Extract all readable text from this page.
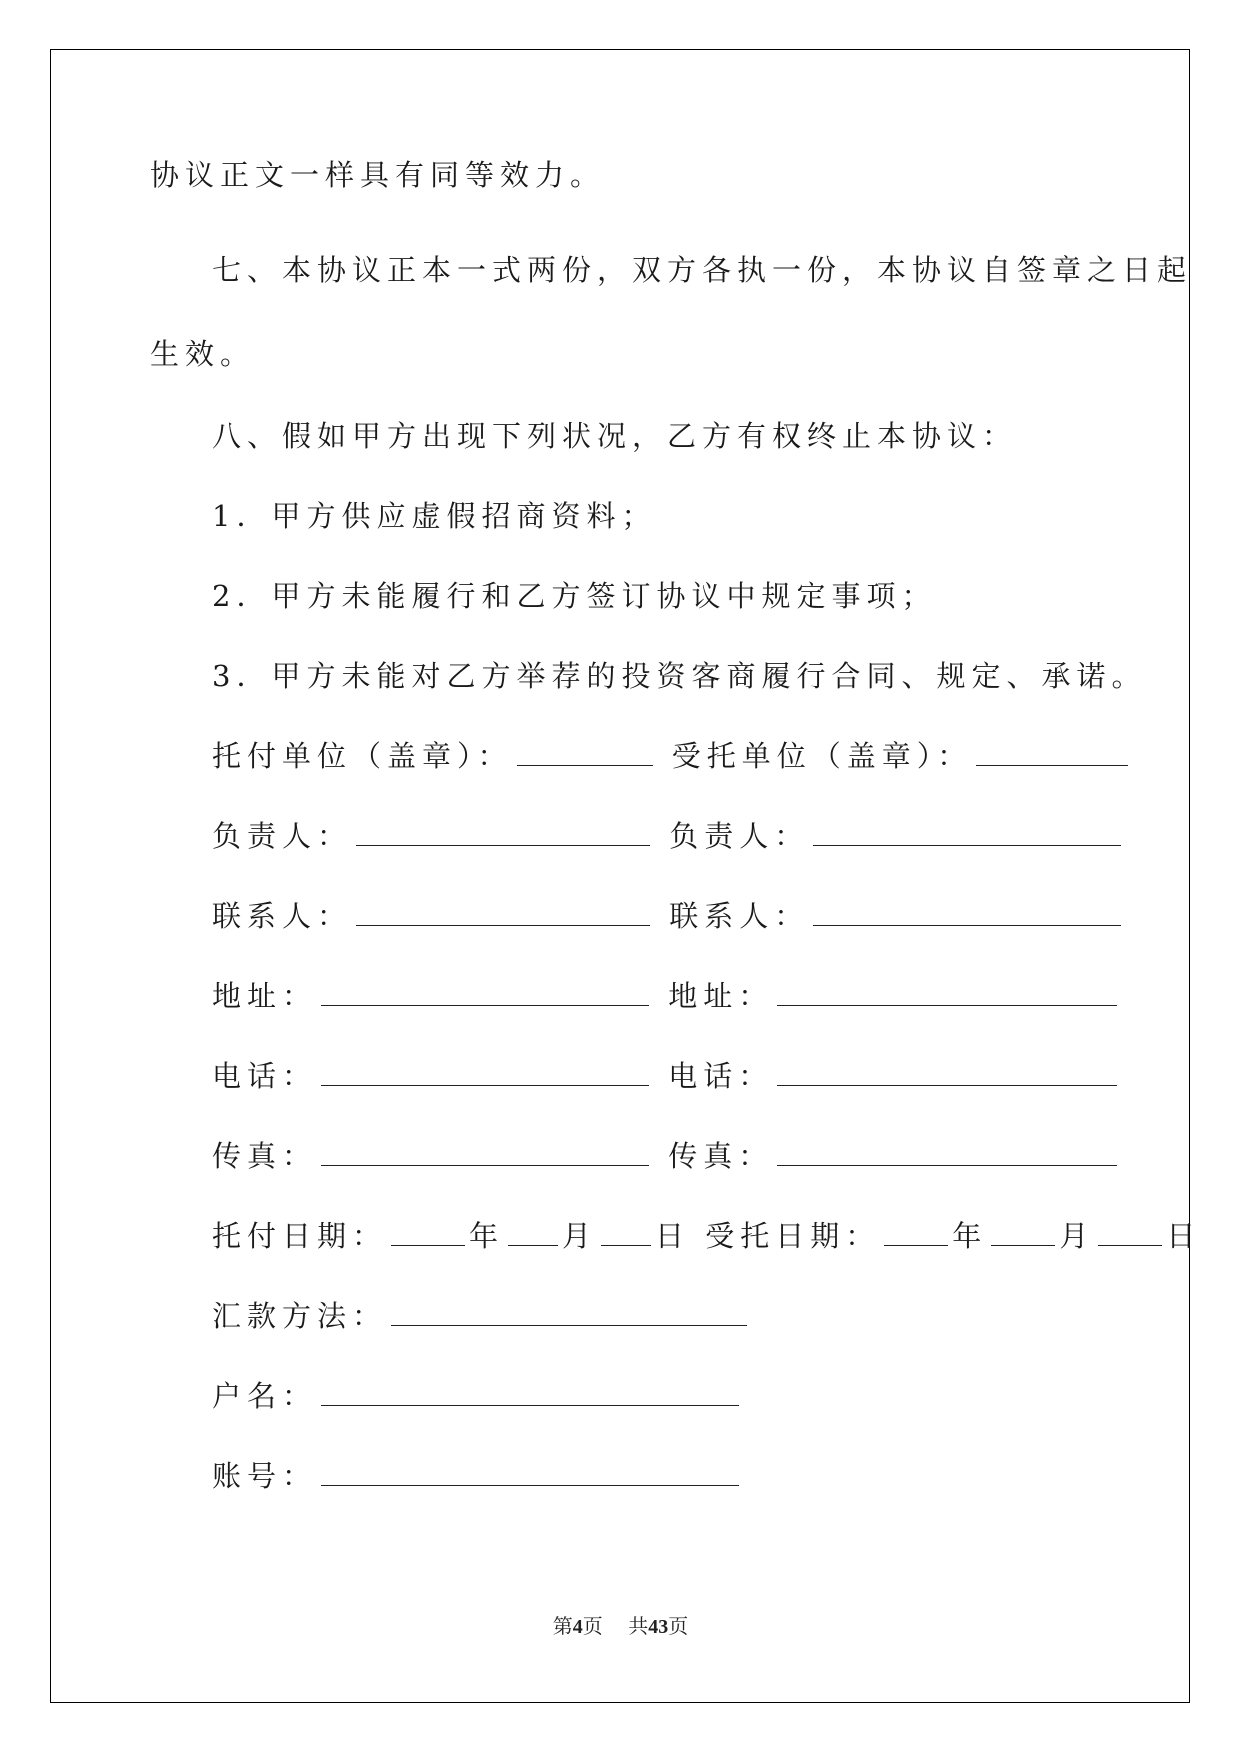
协议正文一样具有同等效力。
七、本协议正本一式两份，双方各执一份，本协议自签章之日起
生效。
八、假如甲方出现下列状况，乙方有权终止本协议：
1．甲方供应虚假招商资料；
2．甲方未能履行和乙方签订协议中规定事项；
3．甲方未能对乙方举荐的投资客商履行合同、规定、承诺。
托付单位（盖章）：	受托单位（盖章）：
负责人：	负责人：
联系人：	联系人：
地址：	地址：
电话：	电话：
传真：	传真：
托付日期：	年 月 日 受托日期： 年 月 日
汇款方法：
户名：
账号：
第4页 共43页
